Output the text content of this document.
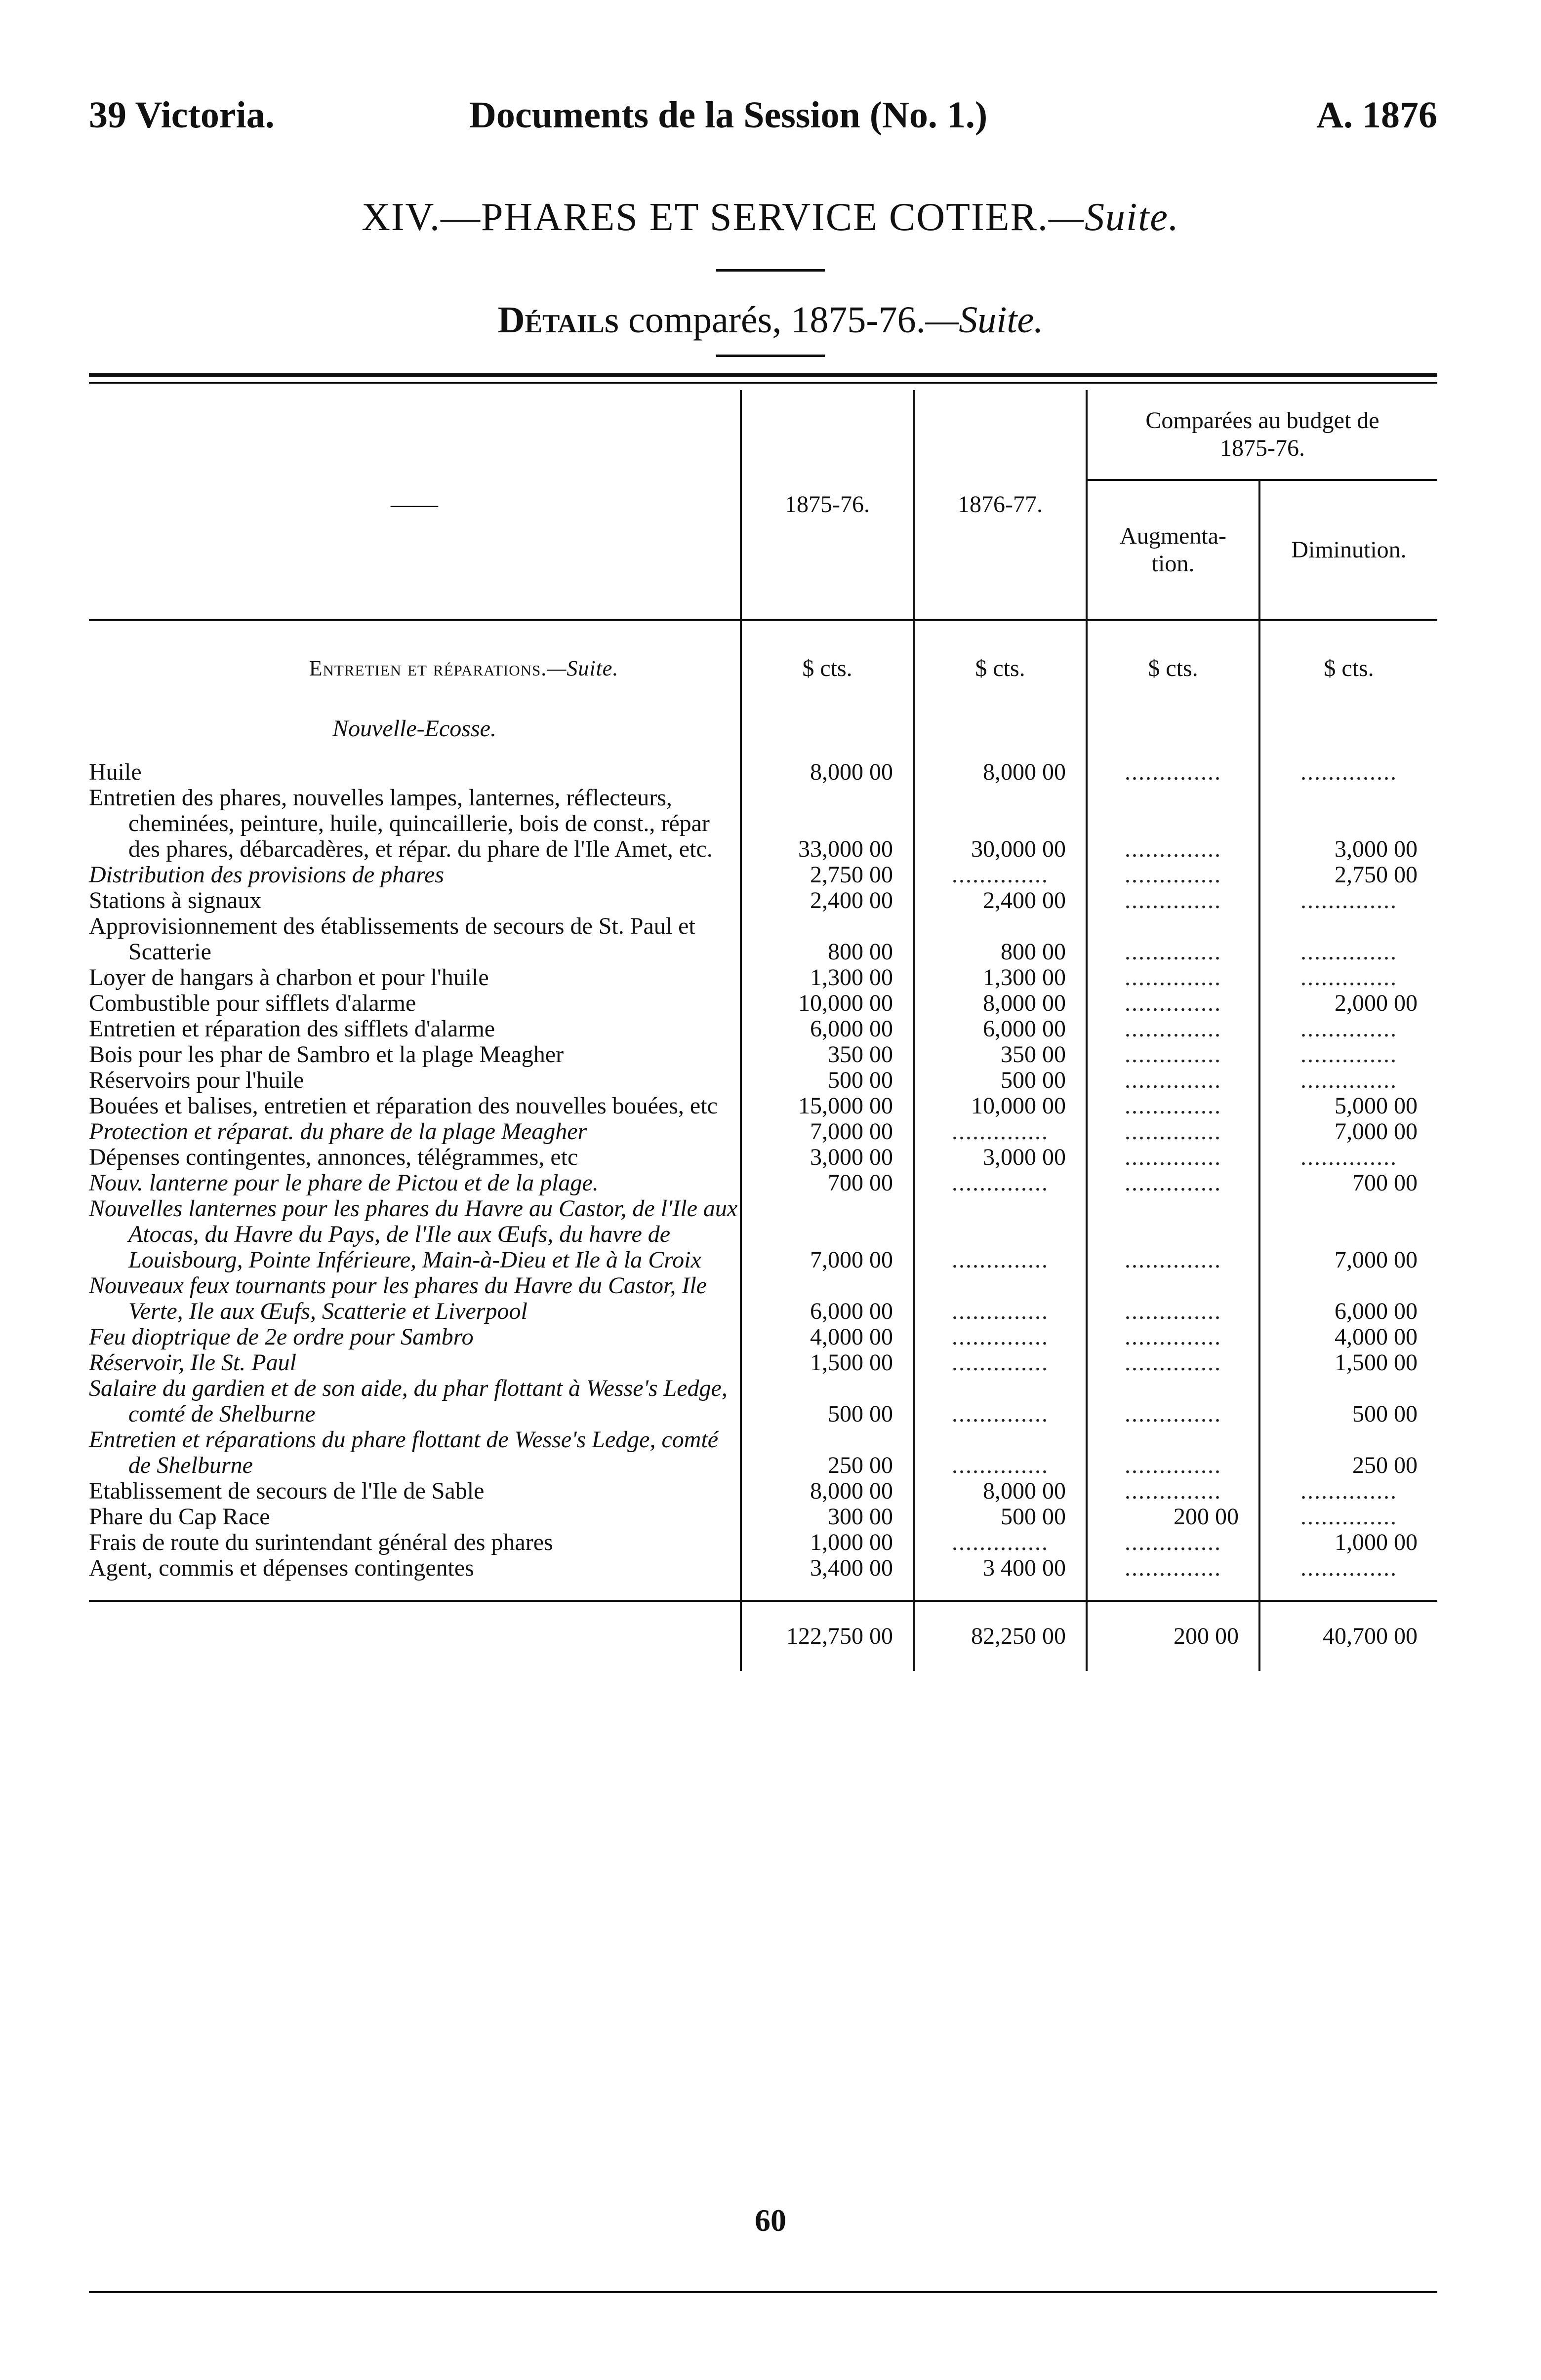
39 Victoria.	Documents de la Session (No. 1.)	A. 1876
XIV.—PHARES ET SERVICE COTIER.—Suite.
Détails comparés, 1875-76.—Suite.
——	1875-76.	1876-77.	Comparées au budget de 1875-76.	
			Augmenta-tion.	Diminution.
Entretien et réparations.—Suite.	$ cts.	$ cts.	$ cts.	$ cts.
Nouvelle-Ecosse.				

Huile	8,000 00	8,000 00	..............	..............

Entretien des phares, nouvelles lampes, lanternes, réflecteurs, cheminées, peinture, huile, quincaillerie, bois de const., répar des phares, débarcadères, et répar. du phare de l'Ile Amet, etc.	33,000 00	30,000 00	..............	3,000 00

Distribution des provisions de phares	2,750 00	..............	..............	2,750 00

Stations à signaux	2,400 00	2,400 00	..............	..............

Approvisionnement des établissements de secours de St. Paul et Scatterie	800 00	800 00	..............	..............

Loyer de hangars à charbon et pour l'huile	1,300 00	1,300 00	..............	..............

Combustible pour sifflets d'alarme	10,000 00	8,000 00	..............	2,000 00

Entretien et réparation des sifflets d'alarme	6,000 00	6,000 00	..............	..............

Bois pour les phar de Sambro et la plage Meagher	350 00	350 00	..............	..............

Réservoirs pour l'huile	500 00	500 00	..............	..............

Bouées et balises, entretien et réparation des nouvelles bouées, etc	15,000 00	10,000 00	..............	5,000 00

Protection et réparat. du phare de la plage Meagher	7,000 00	..............	..............	7,000 00

Dépenses contingentes, annonces, télégrammes, etc	3,000 00	3,000 00	..............	..............

Nouv. lanterne pour le phare de Pictou et de la plage.	700 00	..............	..............	700 00

Nouvelles lanternes pour les phares du Havre au Castor, de l'Ile aux Atocas, du Havre du Pays, de l'Ile aux Œufs, du havre de Louisbourg, Pointe Inférieure, Main-à-Dieu et Ile à la Croix	7,000 00	..............	..............	7,000 00

Nouveaux feux tournants pour les phares du Havre du Castor, Ile Verte, Ile aux Œufs, Scatterie et Liverpool	6,000 00	..............	..............	6,000 00

Feu dioptrique de 2e ordre pour Sambro	4,000 00	..............	..............	4,000 00

Réservoir, Ile St. Paul	1,500 00	..............	..............	1,500 00

Salaire du gardien et de son aide, du phar flottant à Wesse's Ledge, comté de Shelburne	500 00	..............	..............	500 00

Entretien et réparations du phare flottant de Wesse's Ledge, comté de Shelburne	250 00	..............	..............	250 00

Etablissement de secours de l'Ile de Sable	8,000 00	8,000 00	..............	..............

Phare du Cap Race	300 00	500 00	200 00	..............

Frais de route du surintendant général des phares	1,000 00	..............	..............	1,000 00

Agent, commis et dépenses contingentes	3,400 00	3 400 00	..............	..............

	122,750 00	82,250 00	200 00	40,700 00
60
